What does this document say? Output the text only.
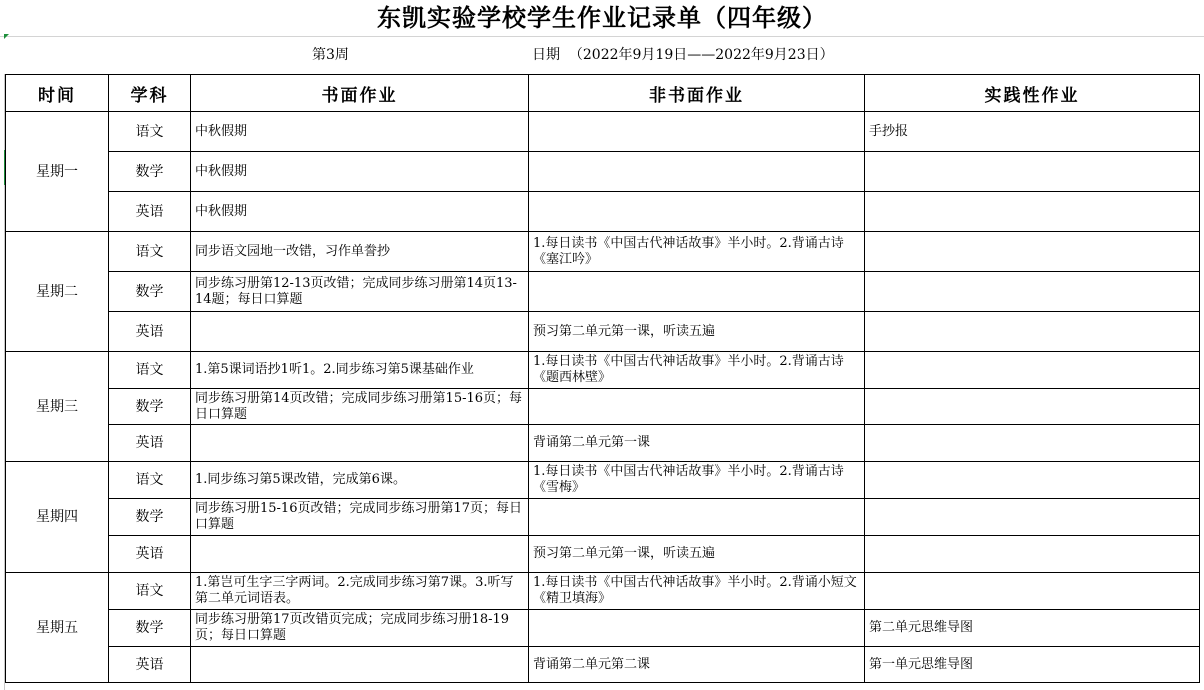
东凯实验学校学生作业记录单（四年级）
第3周	日期  （2022年9月19日——2022年9月23日）
时间	学科	书面作业	非书面作业	实践性作业
星期一	语文	中秋假期		手抄报
	数学	中秋假期		
	英语	中秋假期		
星期二	语文	同步语文园地一改错，习作单誊抄	1.每日读书《中国古代神话故事》半小时。2.背诵古诗《塞江吟》	
	数学	同步练习册第12-13页改错；完成同步练习册第14页13-14题；每日口算题		
	英语		预习第二单元第一课，听读五遍	
星期三	语文	1.第5课词语抄1听1。2.同步练习第5课基础作业	1.每日读书《中国古代神话故事》半小时。2.背诵古诗《题西林壁》	
	数学	同步练习册第14页改错；完成同步练习册第15-16页；每日口算题		
	英语		背诵第二单元第一课	
星期四	语文	1.同步练习第5课改错，完成第6课。	1.每日读书《中国古代神话故事》半小时。2.背诵古诗《雪梅》	
	数学	同步练习册15-16页改错；完成同步练习册第17页；每日口算题		
	英语		预习第二单元第一课，听读五遍	
星期五	语文	1.第岂可生字三字两词。2.完成同步练习第7课。3.听写第二单元词语表。	1.每日读书《中国古代神话故事》半小时。2.背诵小短文《精卫填海》	
	数学	同步练习册第17页改错页完成；完成同步练习册18-19页；每日口算题		第二单元思维导图
	英语		背诵第二单元第二课	第一单元思维导图
